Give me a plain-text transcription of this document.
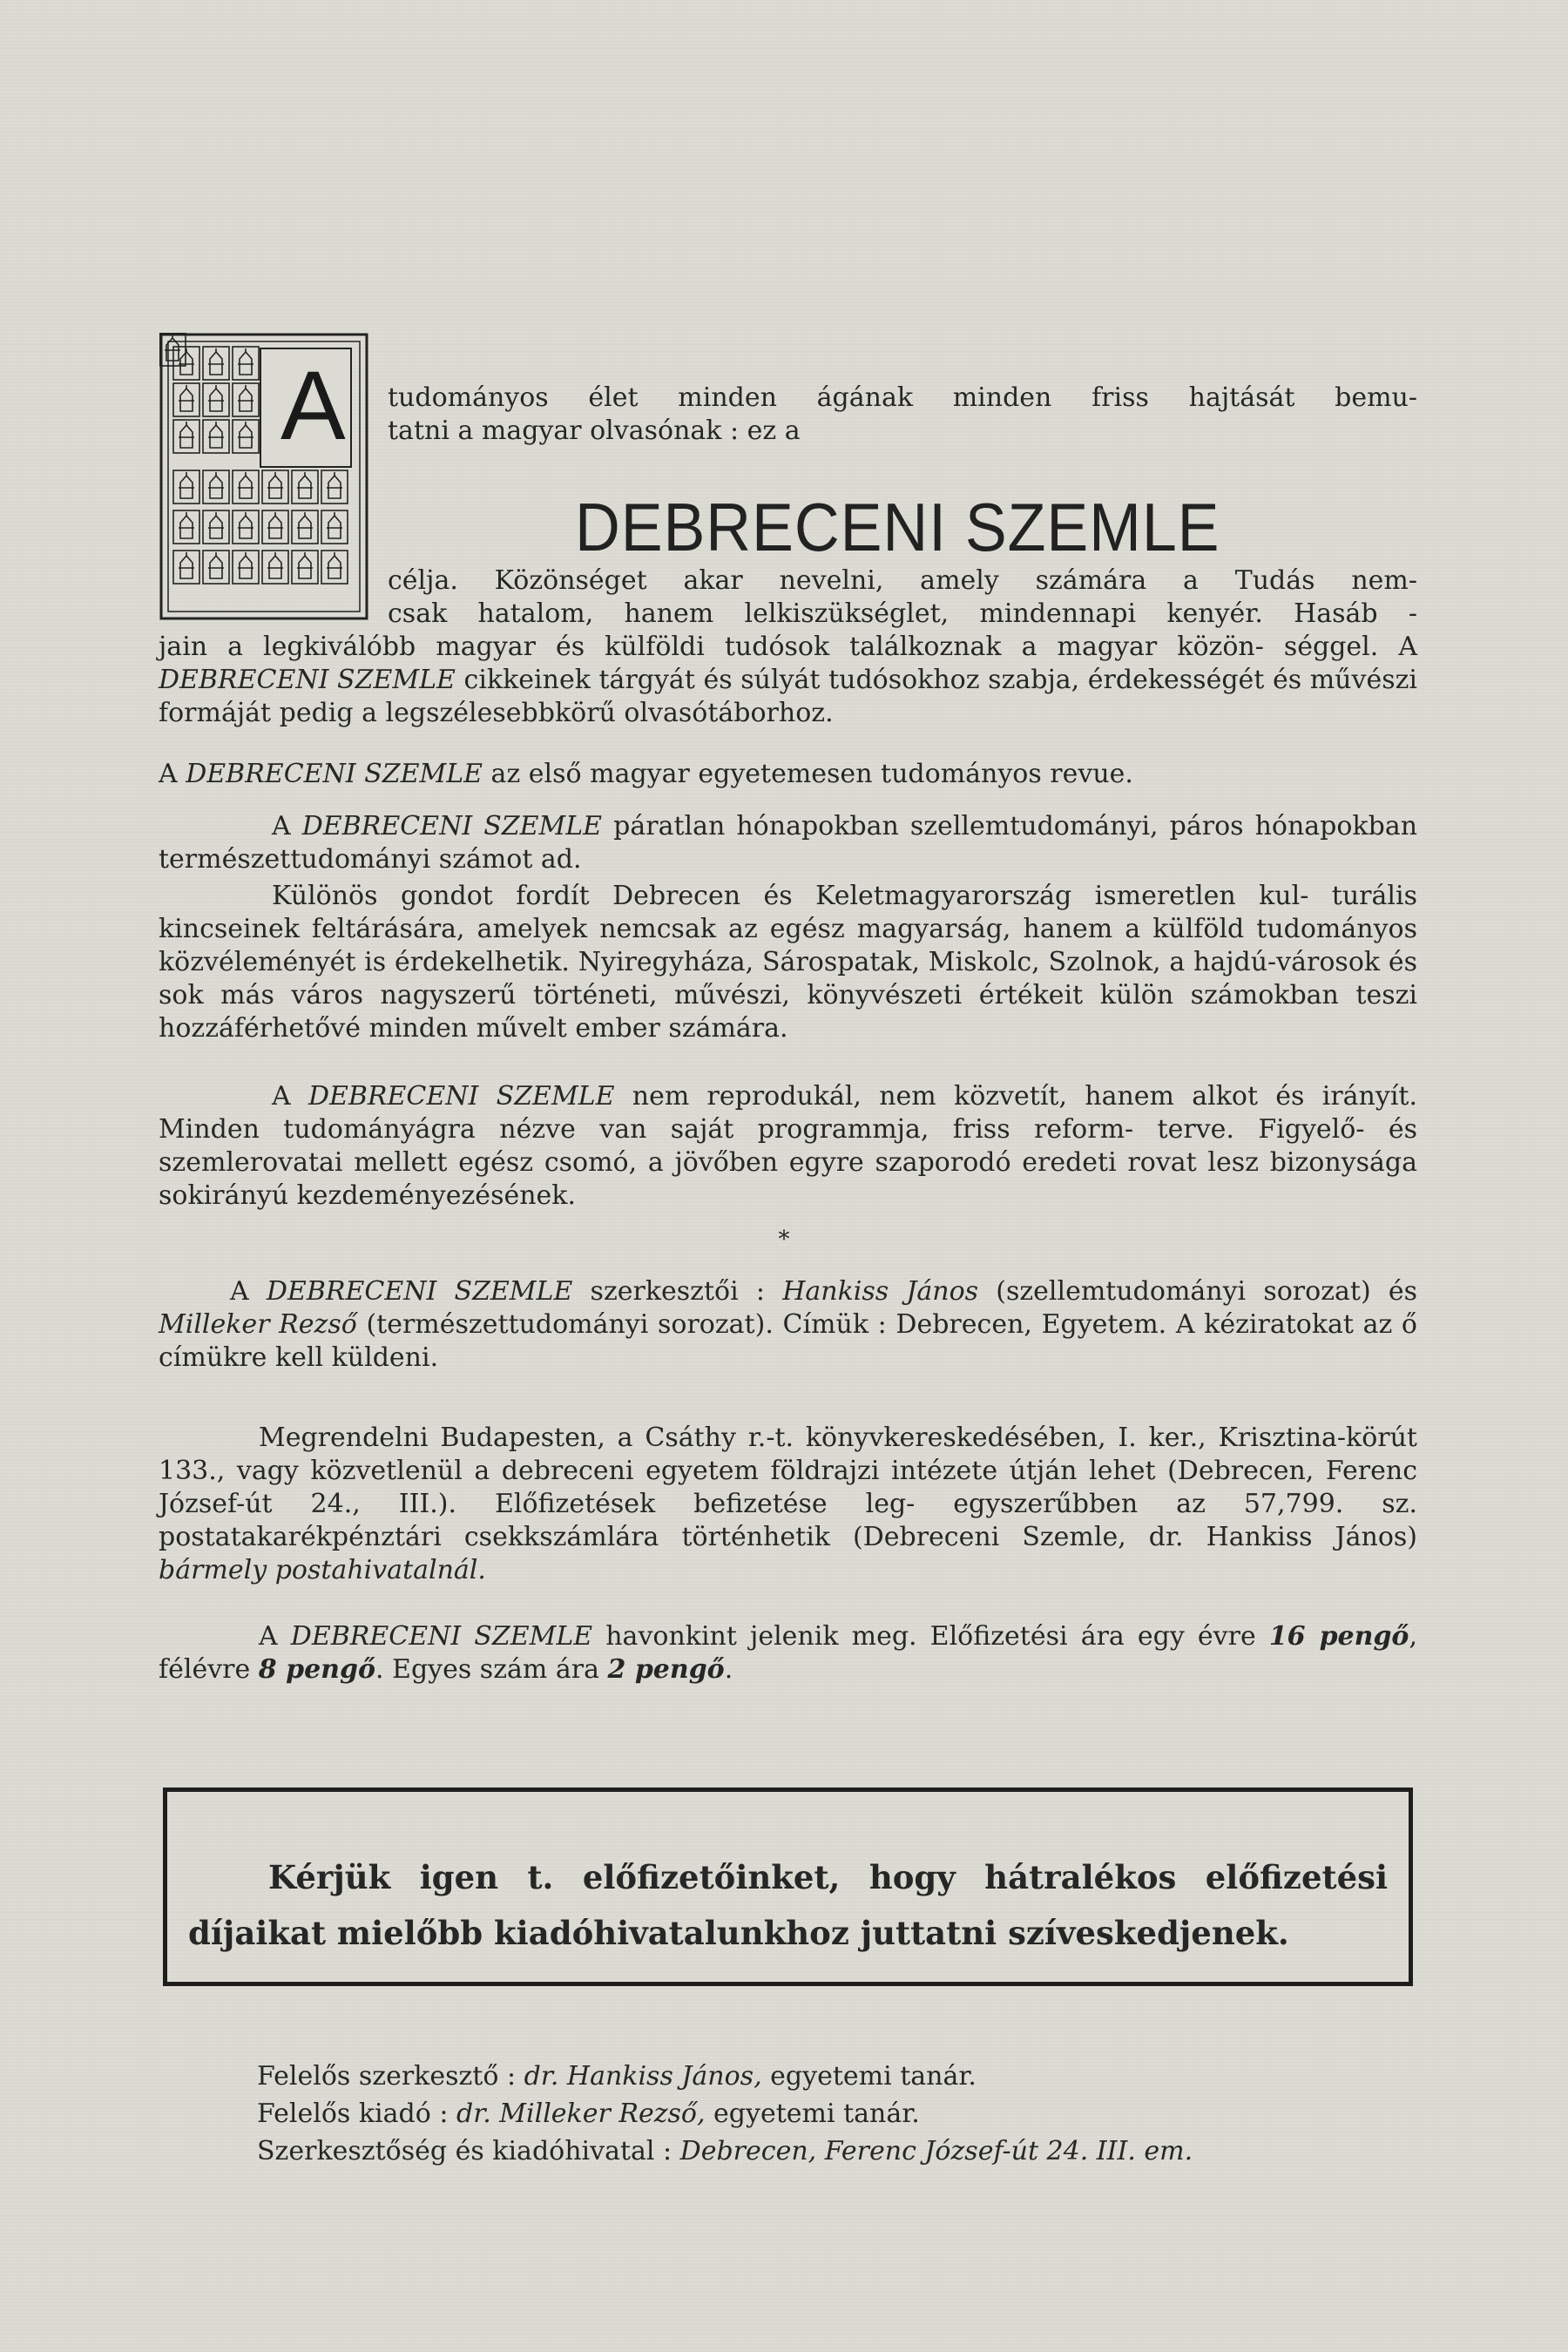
A tudományos élet minden ágának minden friss hajtását bemu-
tatni a magyar olvasónak : ez a
DEBRECENI SZEMLE
célja. Közönséget akar nevelni, amely számára a Tudás nem-
csak hatalom, hanem lelkiszükséglet, mindennapi kenyér. Hasáb -
jain a legkiválóbb magyar és külföldi tudósok találkoznak a magyar közön- séggel. A DEBRECENI SZEMLE cikkeinek tárgyát és súlyát tudósokhoz szabja, érdekességét és művészi formáját pedig a legszélesebbkörű olvasótáborhoz.
A DEBRECENI SZEMLE az első magyar egyetemesen tudományos revue.
A DEBRECENI SZEMLE páratlan hónapokban szellemtudományi, páros hónapokban természettudományi számot ad.
Különös gondot fordít Debrecen és Keletmagyarország ismeretlen kul- turális kincseinek feltárására, amelyek nemcsak az egész magyarság, hanem a külföld tudományos közvéleményét is érdekelhetik. Nyiregyháza, Sárospatak, Miskolc, Szolnok, a hajdú-városok és sok más város nagyszerű történeti, művészi, könyvészeti értékeit külön számokban teszi hozzáférhetővé minden művelt ember számára.
A DEBRECENI SZEMLE nem reprodukál, nem közvetít, hanem alkot és irányít. Minden tudományágra nézve van saját programmja, friss reform- terve. Figyelő- és szemlerovatai mellett egész csomó, a jövőben egyre szaporodó eredeti rovat lesz bizonysága sokirányú kezdeményezésének.
*
A DEBRECENI SZEMLE szerkesztői : Hankiss János (szellemtudományi sorozat) és Milleker Rezső (természettudományi sorozat). Címük : Debrecen, Egyetem. A kéziratokat az ő címükre kell küldeni.
Megrendelni Budapesten, a Csáthy r.-t. könyvkereskedésében, I. ker., Krisztina-körút 133., vagy közvetlenül a debreceni egyetem földrajzi intézete útján lehet (Debrecen, Ferenc József-út 24., III.). Előfizetések befizetése leg- egyszerűbben az 57,799. sz. postatakarékpénztári csekkszámlára történhetik (Debreceni Szemle, dr. Hankiss János) bármely postahivatalnál.
A DEBRECENI SZEMLE havonkint jelenik meg. Előfizetési ára egy évre 16 pengő, félévre 8 pengő. Egyes szám ára 2 pengő.
Kérjük igen t. előfizetőinket, hogy hátralékos előfizetési
díjaikat mielőbb kiadóhivatalunkhoz juttatni szíveskedjenek.
Felelős szerkesztő : dr. Hankiss János, egyetemi tanár.
Felelős kiadó : dr. Milleker Rezső, egyetemi tanár.
Szerkesztőség és kiadóhivatal : Debrecen, Ferenc József-út 24. III. em.
